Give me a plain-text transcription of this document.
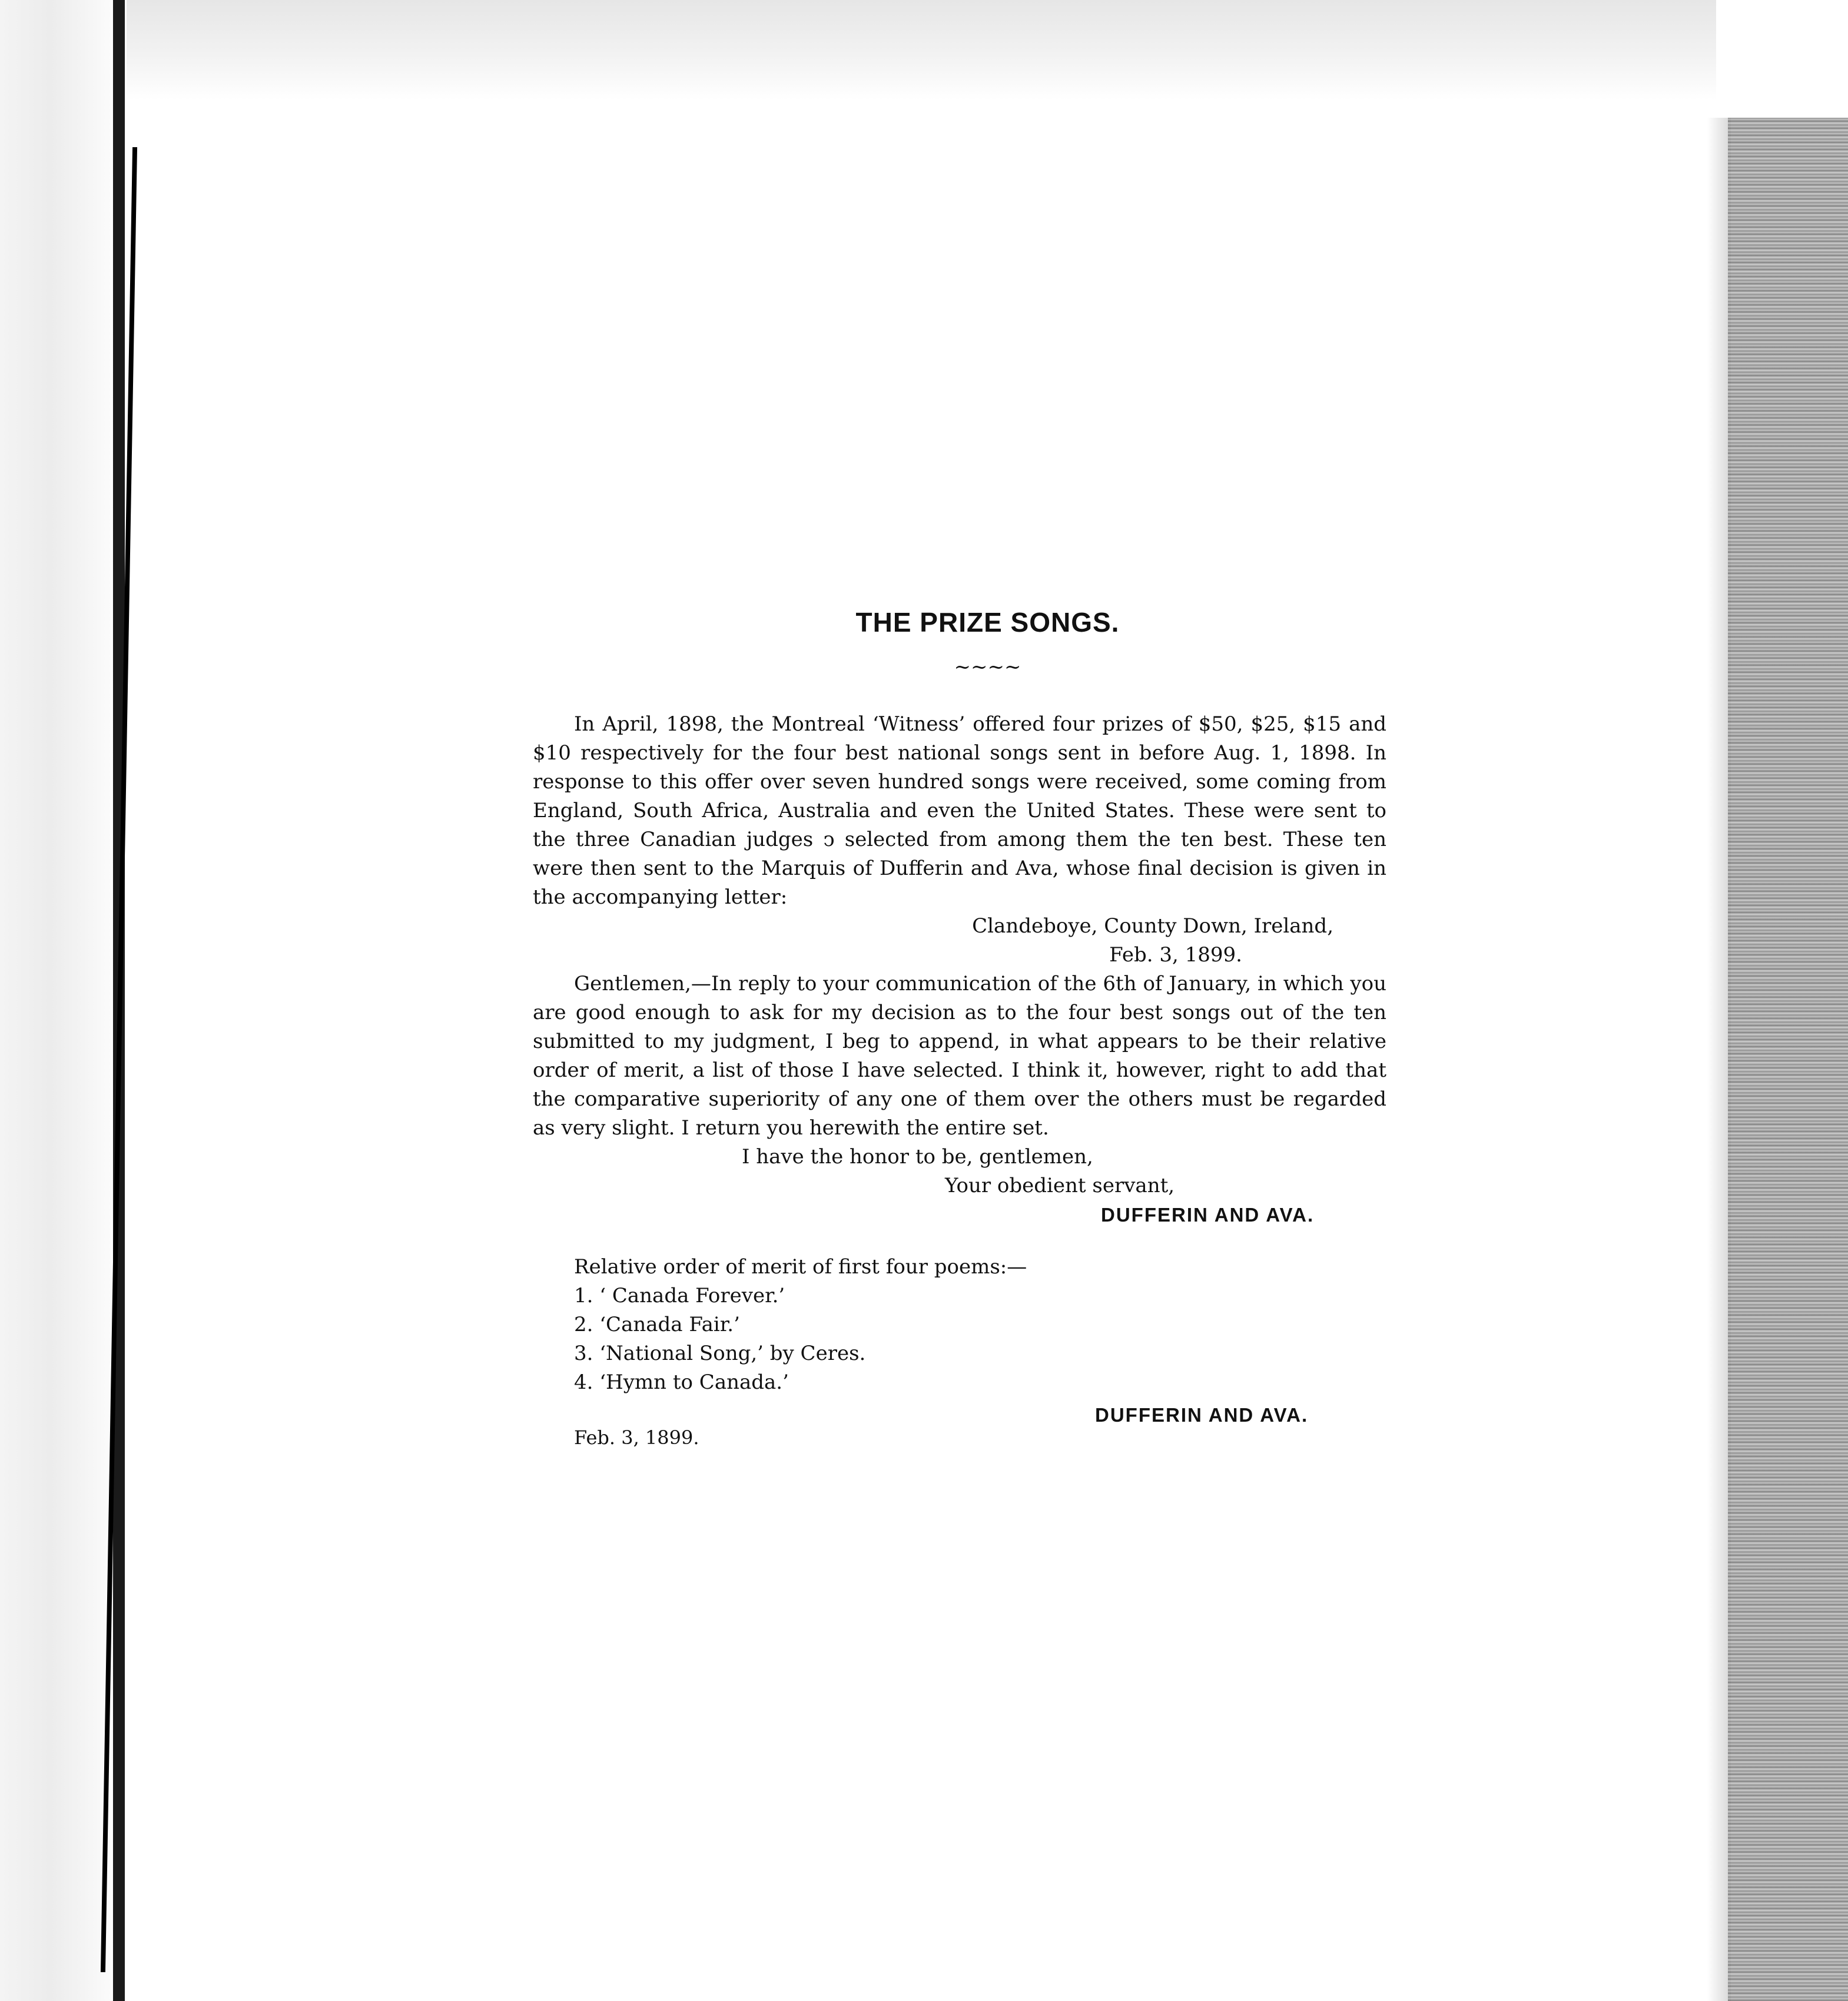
THE PRIZE SONGS.
~~~~

In April, 1898, the Montreal ‘Witness’ offered four prizes of $50, $25, $15 and $10 respectively for the four best national songs sent in before Aug. 1, 1898. In response to this offer over seven hundred songs were received, some coming from England, South Africa, Australia and even the United States. These were sent to the three Canadian judges ↄ selected from among them the ten best. These ten were then sent to the Marquis of Dufferin and Ava, whose final decision is given in the accompanying letter:

Clandeboye, County Down, Ireland,

Feb. 3, 1899.

Gentlemen,—In reply to your communication of the 6th of January, in which you are good enough to ask for my decision as to the four best songs out of the ten submitted to my judgment, I beg to append, in what appears to be their relative order of merit, a list of those I have selected. I think it, however, right to add that the comparative superiority of any one of them over the others must be regarded as very slight. I return you herewith the entire set.

I have the honor to be, gentlemen,

Your obedient servant,

DUFFERIN AND AVA.

Relative order of merit of first four poems:—

1. ‘ Canada Forever.’

2. ‘Canada Fair.’

3. ‘National Song,’ by Ceres.

4. ‘Hymn to Canada.’

DUFFERIN AND AVA.
Feb. 3, 1899.
